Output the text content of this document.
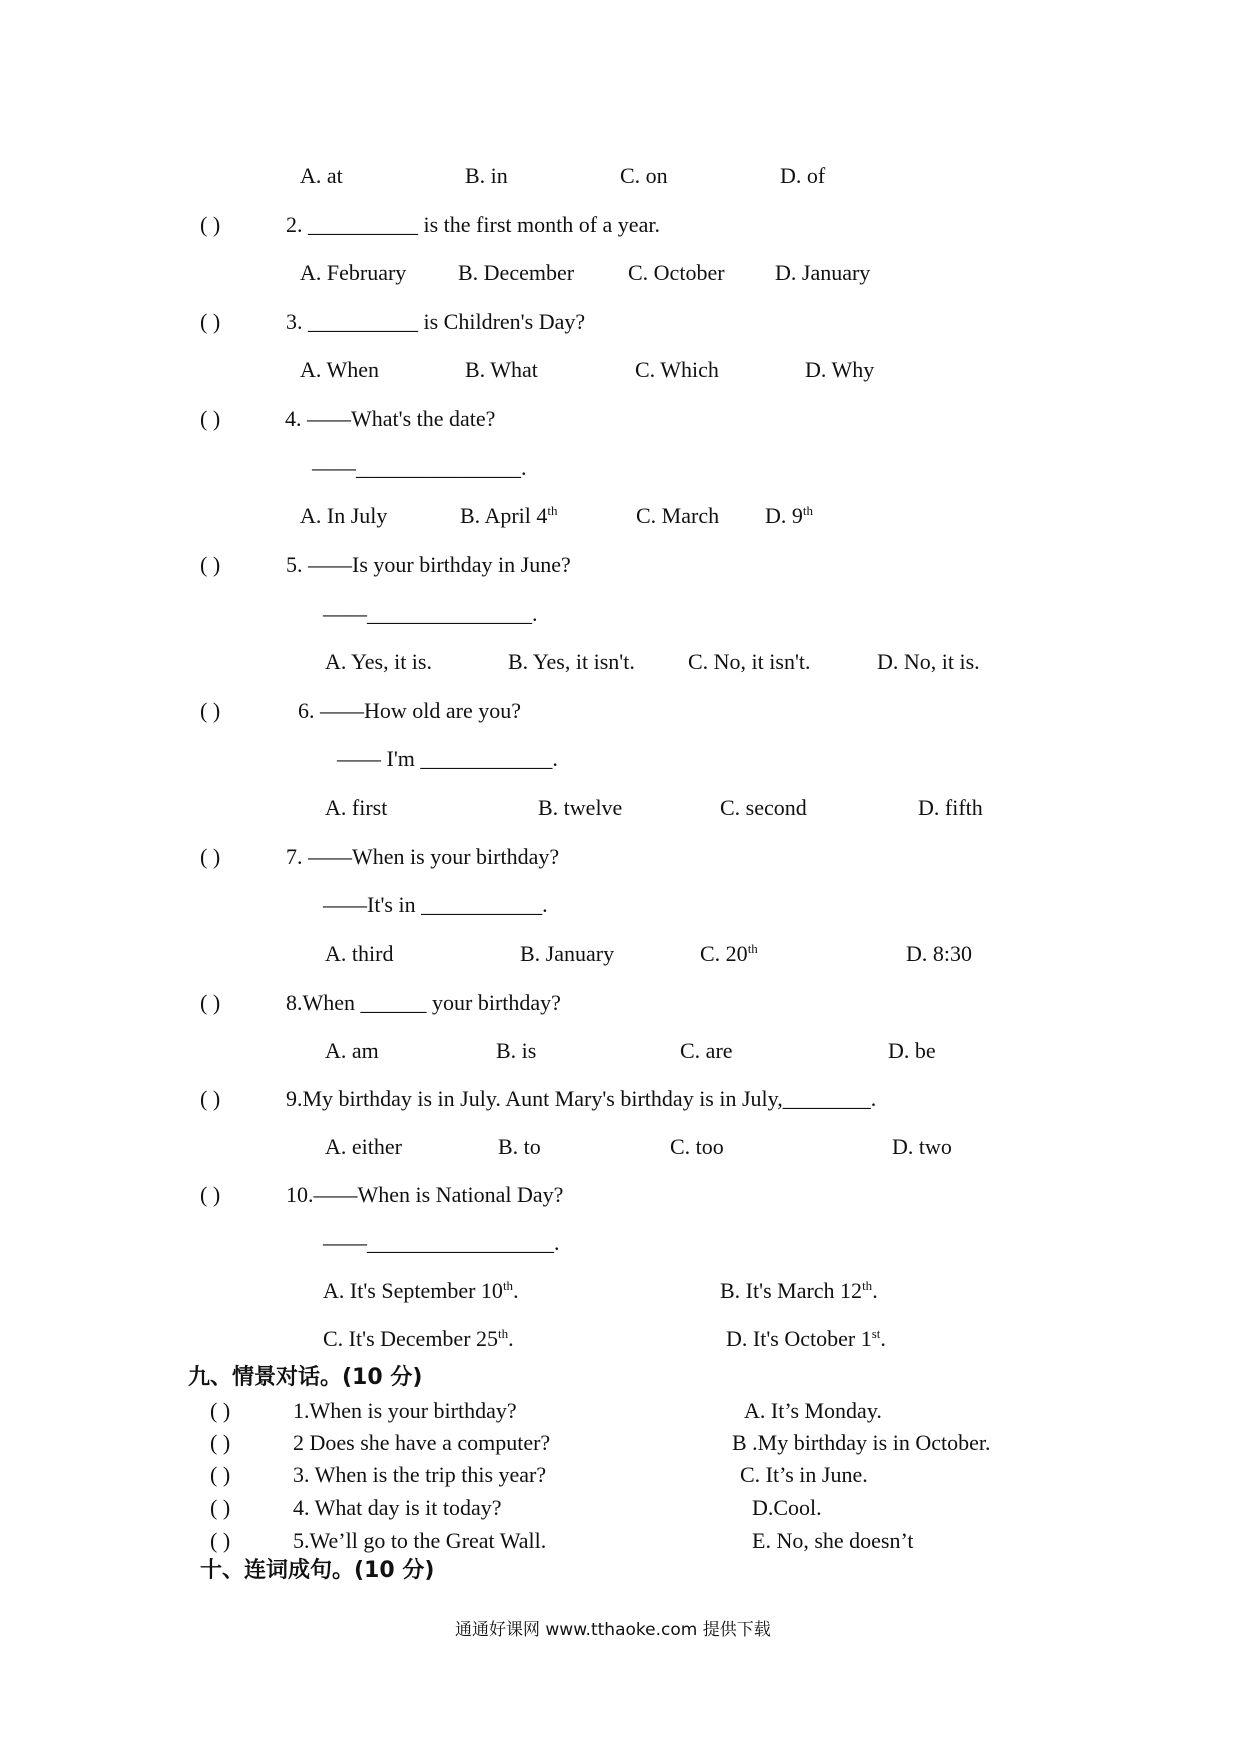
A. at	B. in	C. on	D. of
( )	2. __________ is the first month of a year.
A. February B. December C. October D. January
( )	3. __________ is Children's Day?
A. When	B. What	C. Which	D. Why
( )	4. ——What's the date?
——_______________.
A. In July	B. April 4th	C. March D. 9th
( )	5. ——Is your birthday in June?
——_______________.
A. Yes, it is.	B. Yes, it isn't. C. No, it isn't.	D. No, it is.
( )	6. ——How old are you?
—— I'm ____________.
A. first	B. twelve	C. second	D. fifth
( )	7. ——When is your birthday?
——It's in ___________.
A. third	B. January	C. 20th	D. 8:30
( )	8.When ______ your birthday?
A. am	B. is	C. are	D. be
( )	9.My birthday is in July. Aunt Mary's birthday is in July,________.
A. either	B. to	C. too	D. two
( )	10.——When is National Day?
——_________________.
A. It's September 10th.	B. It's March 12th.
C. It's December 25th.	D. It's October 1st.
九、情景对话。(10 分)
( )	1.When is your birthday?	A. It’s Monday.
( )	2 Does she have a computer?	B .My birthday is in October.
( )	3. When is the trip this year?	C. It’s in June.
( )	4. What day is it today?	D.Cool.
( )	5.We’ll go to the Great Wall.	E. No, she doesn’t
十、连词成句。(10 分)
通通好课网 www.tthaoke.com 提供下载
